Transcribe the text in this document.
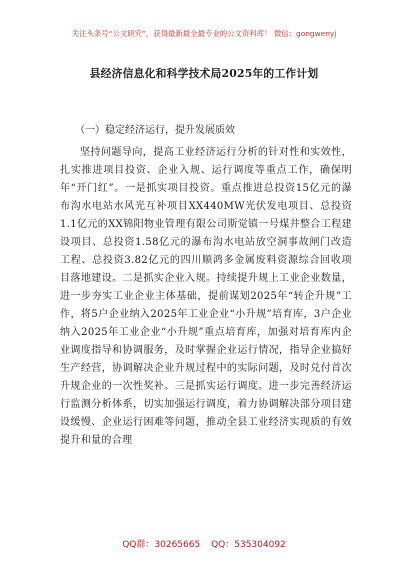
关注头条号“公文研究”，获得最新最全最专业的公文资料库！ 微信：gongwenyj
县经济信息化和科学技术局2025年的工作计划
（一）稳定经济运行，提升发展质效

坚持问题导向，提高工业经济运行分析的针对性和实效性，扎实推进项目投资、企业入规、运行调度等重点工作，确保明年“开门红”。一是抓实项目投资。重点推进总投资15亿元的瀑布沟水电站水风光互补项目XX440MW光伏发电项目、总投资1.1亿元的XX锦阳物业管理有限公司斯觉镇一号煤井整合工程建设项目、总投资1.58亿元的瀑布沟水电站放空洞事故闸门改造工程、总投资3.82亿元的四川顺鸿多金属废料资源综合回收项目落地建设。二是抓实企业入规。持续提升规上工业企业数量，进一步夯实工业企业主体基础，提前谋划2025年“转企升规”工作，将5户企业纳入2025年工业企业“小升规”培育库，3户企业纳入2025年工业企业“小升规”重点培育库，加强对培育库内企业调度指导和协调服务，及时掌握企业运行情况，指导企业搞好生产经营，协调解决企业升规过程中的实际问题，及时兑付首次升规企业的一次性奖补。三是抓实运行调度。进一步完善经济运行监测分析体系，切实加强运行调度，着力协调解决部分项目建设缓慢、企业运行困难等问题，推动全县工业经济实现质的有效提升和量的合理

QQ群：30265665 QQ：535304092
